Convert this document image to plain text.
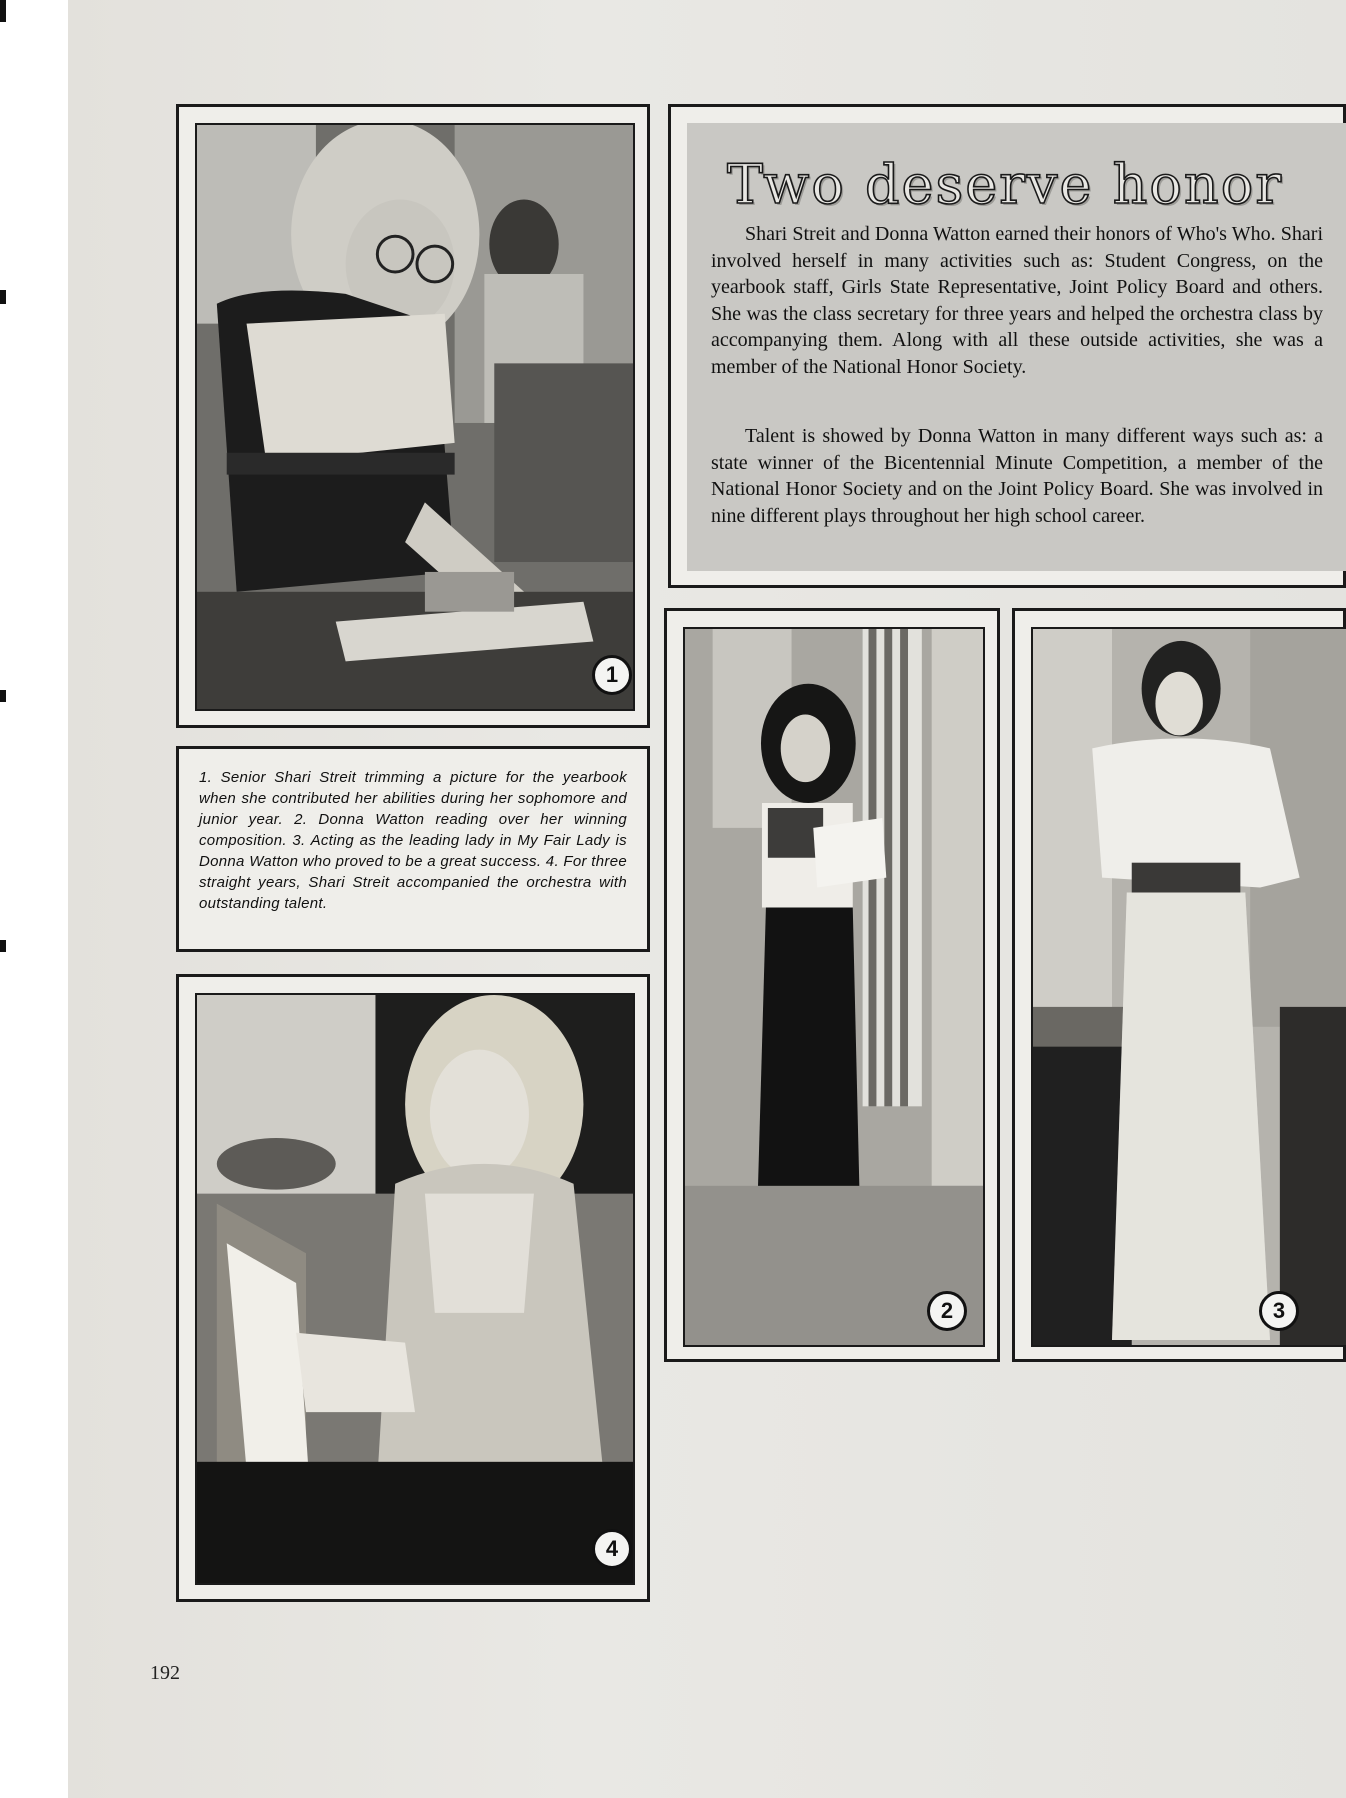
1
Two deserve honor

Shari Streit and Donna Watton earned their honors of Who's Who. Shari involved herself in many activities such as: Student Congress, on the yearbook staff, Girls State Representative, Joint Policy Board and others. She was the class secretary for three years and helped the orchestra class by accompanying them. Along with all these outside activities, she was a member of the National Honor Society.

Talent is showed by Donna Watton in many different ways such as: a state winner of the Bicentennial Minute Competition, a member of the National Honor Society and on the Joint Policy Board. She was involved in nine different plays throughout her high school career.

1. Senior Shari Streit trimming a picture for the yearbook when she contributed her abilities during her sophomore and junior year. 2. Donna Watton reading over her winning composition. 3. Acting as the leading lady in My Fair Lady is Donna Watton who proved to be a great success. 4. For three straight years, Shari Streit accompanied the orchestra with outstanding talent.

4
2	3
192
